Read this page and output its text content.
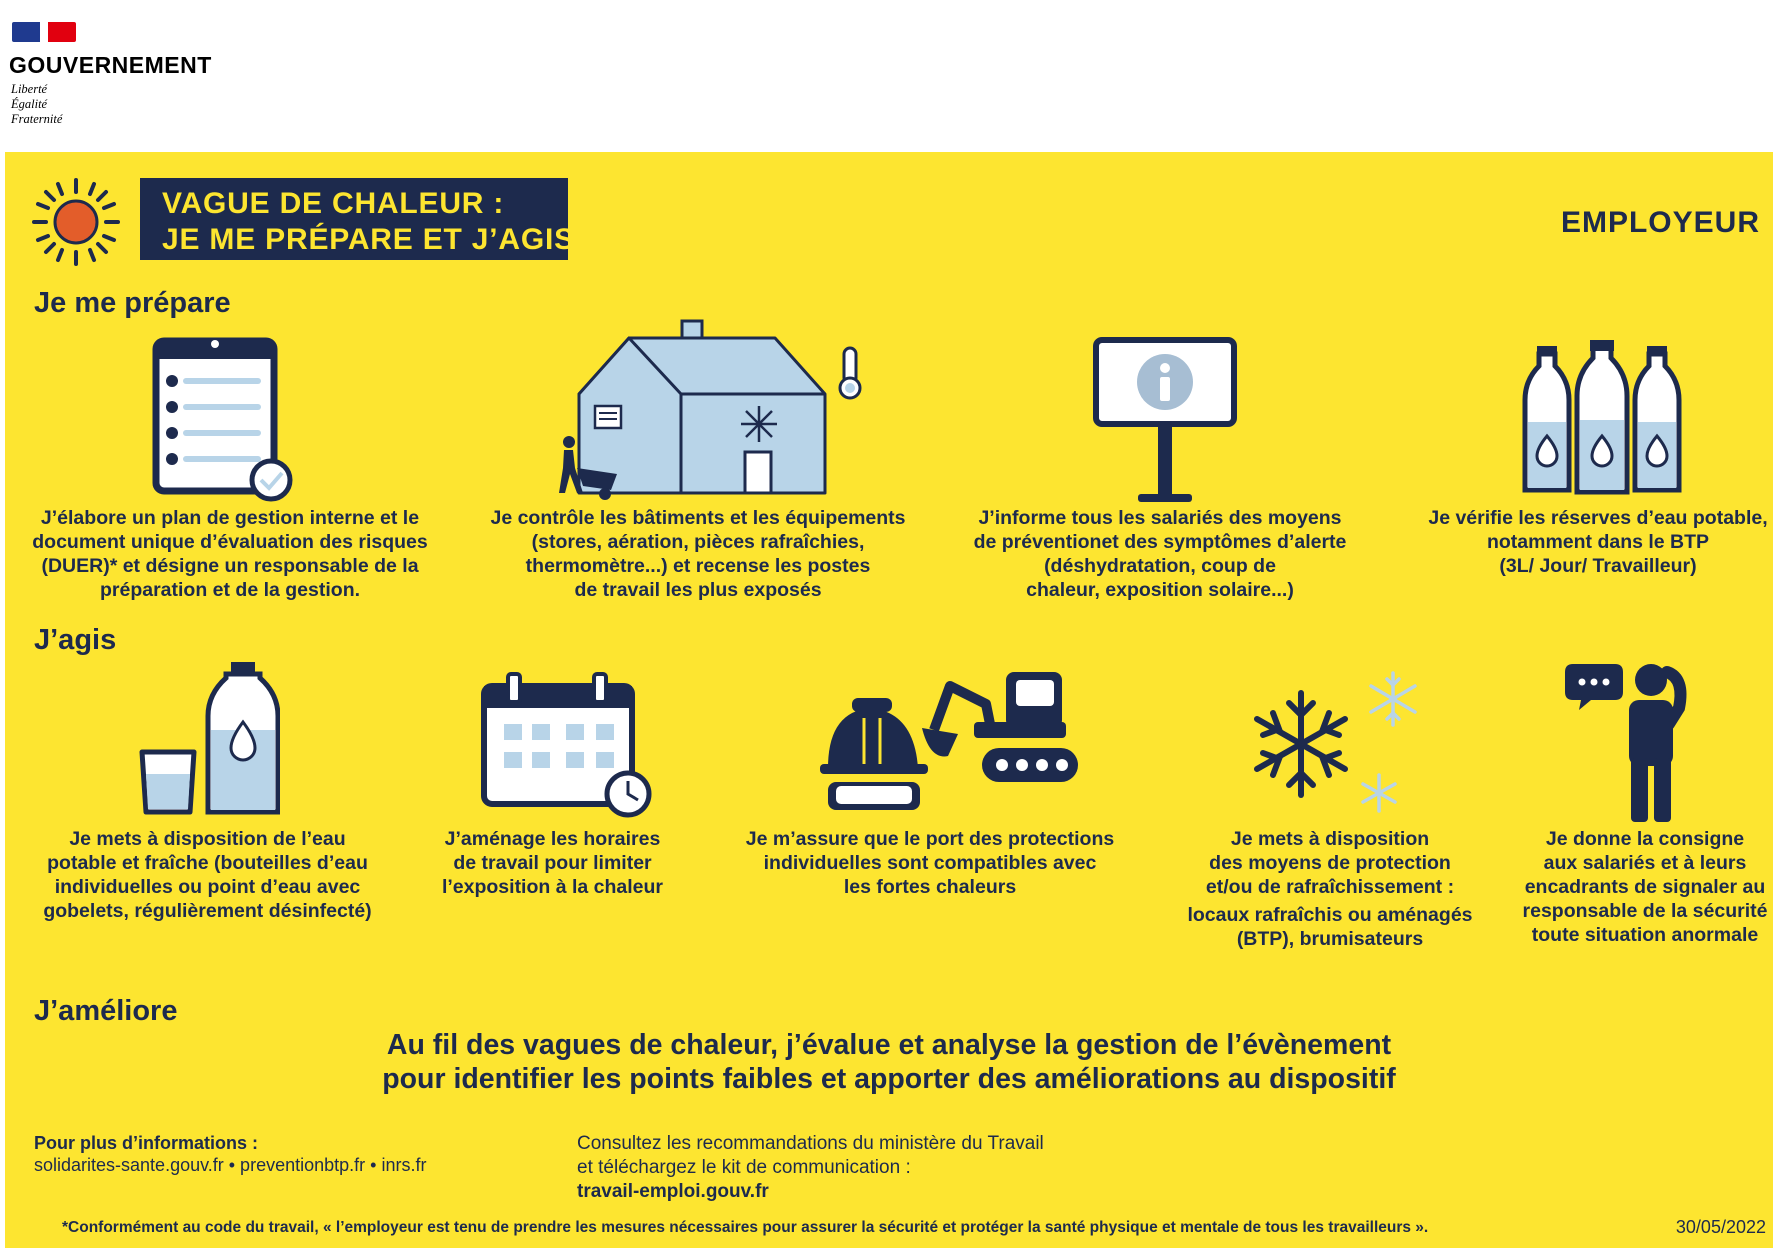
GOUVERNEMENT
Liberté
Égalité
Fraternité
VAGUE DE CHALEUR :
JE ME PRÉPARE ET J’AGIS
EMPLOYEUR
Je me prépare
J’élabore un plan de gestion interne et le
document unique d’évaluation des risques
(DUER)* et désigne un responsable de la
préparation et de la gestion.
Je contrôle les bâtiments et les équipements
(stores, aération, pièces rafraîchies,
thermomètre...) et recense les postes
de travail les plus exposés
J’informe tous les salariés des moyens
de préventionet des symptômes d’alerte
(déshydratation, coup de
chaleur, exposition solaire...)
Je vérifie les réserves d’eau potable,
notamment dans le BTP
(3L/ Jour/ Travailleur)
J’agis
Je mets à disposition de l’eau
potable et fraîche (bouteilles d’eau
individuelles ou point d’eau avec
gobelets, régulièrement désinfecté)
J’aménage les horaires
de travail pour limiter
l’exposition à la chaleur
Je m’assure que le port des protections
individuelles sont compatibles avec
les fortes chaleurs
Je mets à disposition
des moyens de protection
et/ou de rafraîchissement :
locaux rafraîchis ou aménagés
(BTP), brumisateurs
Je donne la consigne
aux salariés et à leurs
encadrants de signaler au
responsable de la sécurité
toute situation anormale
J’améliore
Au fil des vagues de chaleur, j’évalue et analyse la gestion de l’évènement
pour identifier les points faibles et apporter des améliorations au dispositif
Pour plus d’informations :
solidarites-sante.gouv.fr • preventionbtp.fr • inrs.fr
Consultez les recommandations du ministère du Travail
et téléchargez le kit de communication :
travail-emploi.gouv.fr
*Conformément au code du travail, « l’employeur est tenu de prendre les mesures nécessaires pour assurer la sécurité et protéger la santé physique et mentale de tous les travailleurs ».	30/05/2022
